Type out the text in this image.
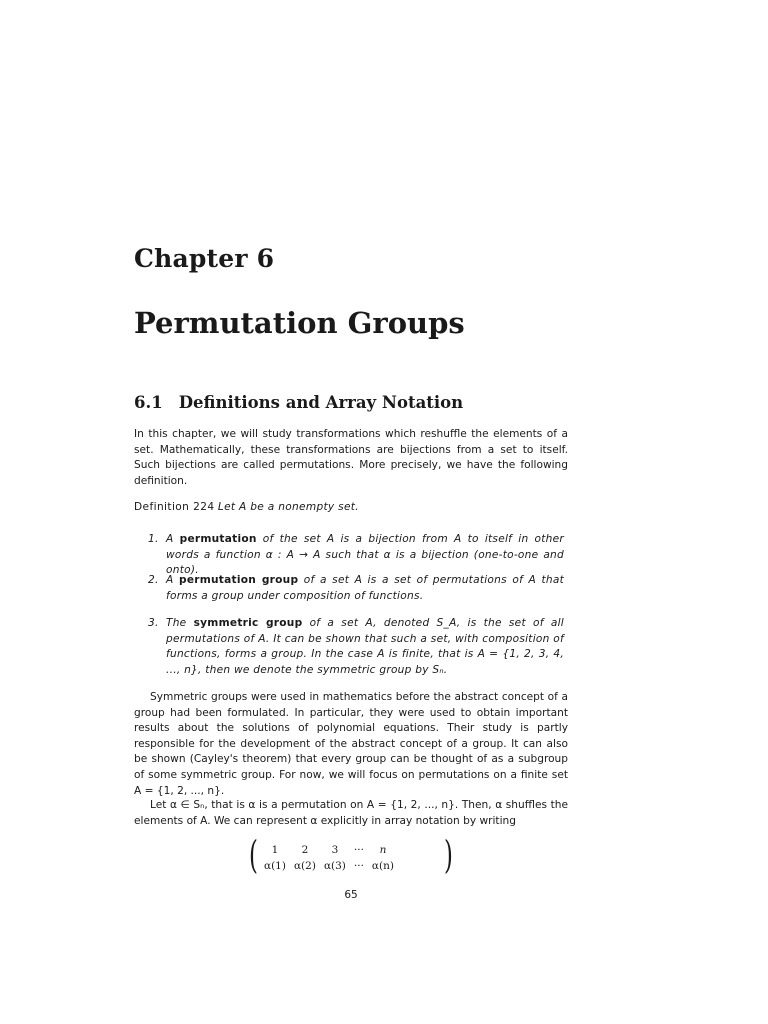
Chapter 6
Permutation Groups
6.1 Definitions and Array Notation
In this chapter, we will study transformations which reshuffle the elements of a set. Mathematically, these transformations are bijections from a set to itself. Such bijections are called permutations. More precisely, we have the following definition.
Definition 224 Let A be a nonempty set.
1. A permutation of the set A is a bijection from A to itself in other words a function α : A → A such that α is a bijection (one-to-one and onto).
2. A permutation group of a set A is a set of permutations of A that forms a group under composition of functions.
3. The symmetric group of a set A, denoted S_A, is the set of all permutations of A. It can be shown that such a set, with composition of functions, forms a group. In the case A is finite, that is A = {1, 2, 3, 4, ..., n}, then we denote the symmetric group by Sₙ.
Symmetric groups were used in mathematics before the abstract concept of a group had been formulated. In particular, they were used to obtain important results about the solutions of polynomial equations. Their study is partly responsible for the development of the abstract concept of a group. It can also be shown (Cayley's theorem) that every group can be thought of as a subgroup of some symmetric group. For now, we will focus on permutations on a finite set A = {1, 2, ..., n}.
Let α ∈ Sₙ, that is α is a permutation on A = {1, 2, ..., n}. Then, α shuffles the elements of A. We can represent α explicitly in array notation by writing
( 1	2	3	···	n
α(1)	α(2)	α(3)	···	α(n) )
65
